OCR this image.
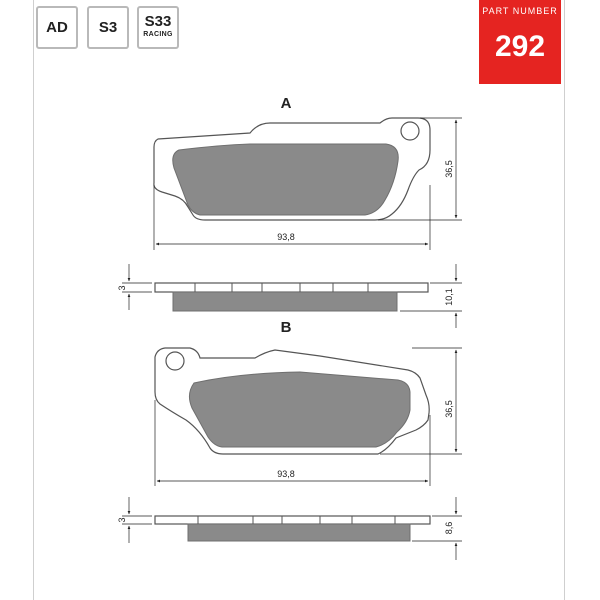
AD	S3	S33
RACING
PART NUMBER
292
A
93,8
36,5
3
10,1
B
93,8
36,5
3
8,6
